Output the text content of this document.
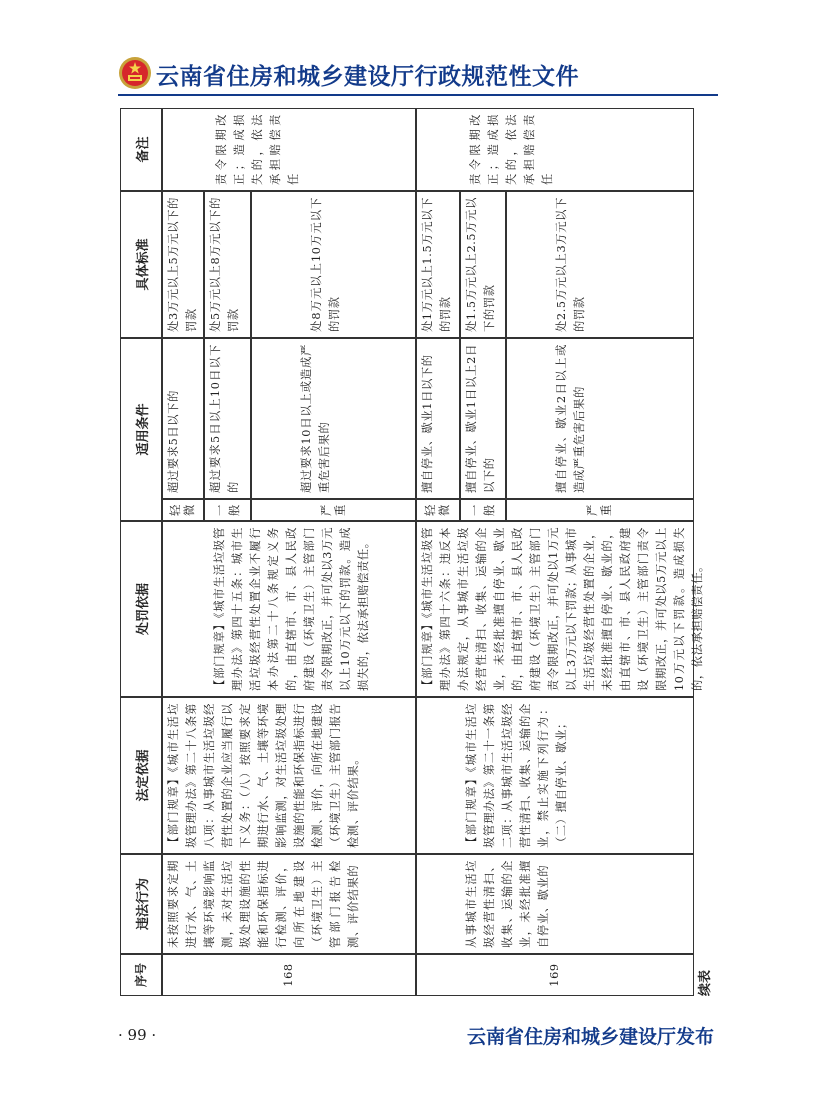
云南省住房和城乡建设厅行政规范性文件
续表
序号
违法行为
法定依据
处罚依据
适用条件
具体标准
备注
168
未按照要求定期进行水、气、土壤等环境影响监测，未对生活垃圾处理设施的性能和环保指标进行检测、评价，向所在地建设（环境卫生）主管部门报告检测、评价结果的
【部门规章】《城市生活垃圾管理办法》第二十八条第八项：从事城市生活垃圾经营性处置的企业应当履行以下义务：（八）按照要求定期进行水、气、土壤等环境影响监测，对生活垃圾处理设施的性能和环保指标进行检测、评价，向所在地建设（环境卫生）主管部门报告检测、评价结果。
【部门规章】《城市生活垃圾管理办法》第四十五条：城市生活垃圾经营性处置企业不履行本办法第二十八条规定义务的，由直辖市、市、县人民政府建设（环境卫生）主管部门责令限期改正，并可处以3万元以上10万元以下的罚款。造成损失的，依法承担赔偿责任。
轻微
超过要求5日以下的
处3万元以上5万元以下的罚款
一般
超过要求5日以上10日以下的
处5万元以上8万元以下的罚款
严重
超过要求10日以上或造成严重危害后果的
处8万元以上10万元以下的罚款
责令限期改正；造成损失的，依法承担赔偿责任
169
从事城市生活垃圾经营性清扫、收集、运输的企业，未经批准擅自停业、歇业的
【部门规章】《城市生活垃圾管理办法》第二十一条第二项：从事城市生活垃圾经营性清扫、收集、运输的企业，禁止实施下列行为：（二）擅自停业、歇业；
【部门规章】《城市生活垃圾管理办法》第四十六条：违反本办法规定，从事城市生活垃圾经营性清扫、收集、运输的企业，未经批准擅自停业、歇业的，由直辖市、市、县人民政府建设（环境卫生）主管部门责令限期改正，并可处以1万元以上3万元以下罚款；从事城市生活垃圾经营性处置的企业，未经批准擅自停业、歇业的，由直辖市、市、县人民政府建设（环境卫生）主管部门责令限期改正，并可处以5万元以上10万元以下罚款。造成损失的，依法承担赔偿责任。
轻微
擅自停业、歇业1日以下的
处1万元以上1.5万元以下的罚款
一般
擅自停业、歇业1日以上2日以下的
处1.5万元以上2.5万元以下的罚款
严重
擅自停业、歇业2日以上或造成严重危害后果的
处2.5万元以上3万元以下的罚款
责令限期改正；造成损失的，依法承担赔偿责任
· 99 ·	云南省住房和城乡建设厅发布
